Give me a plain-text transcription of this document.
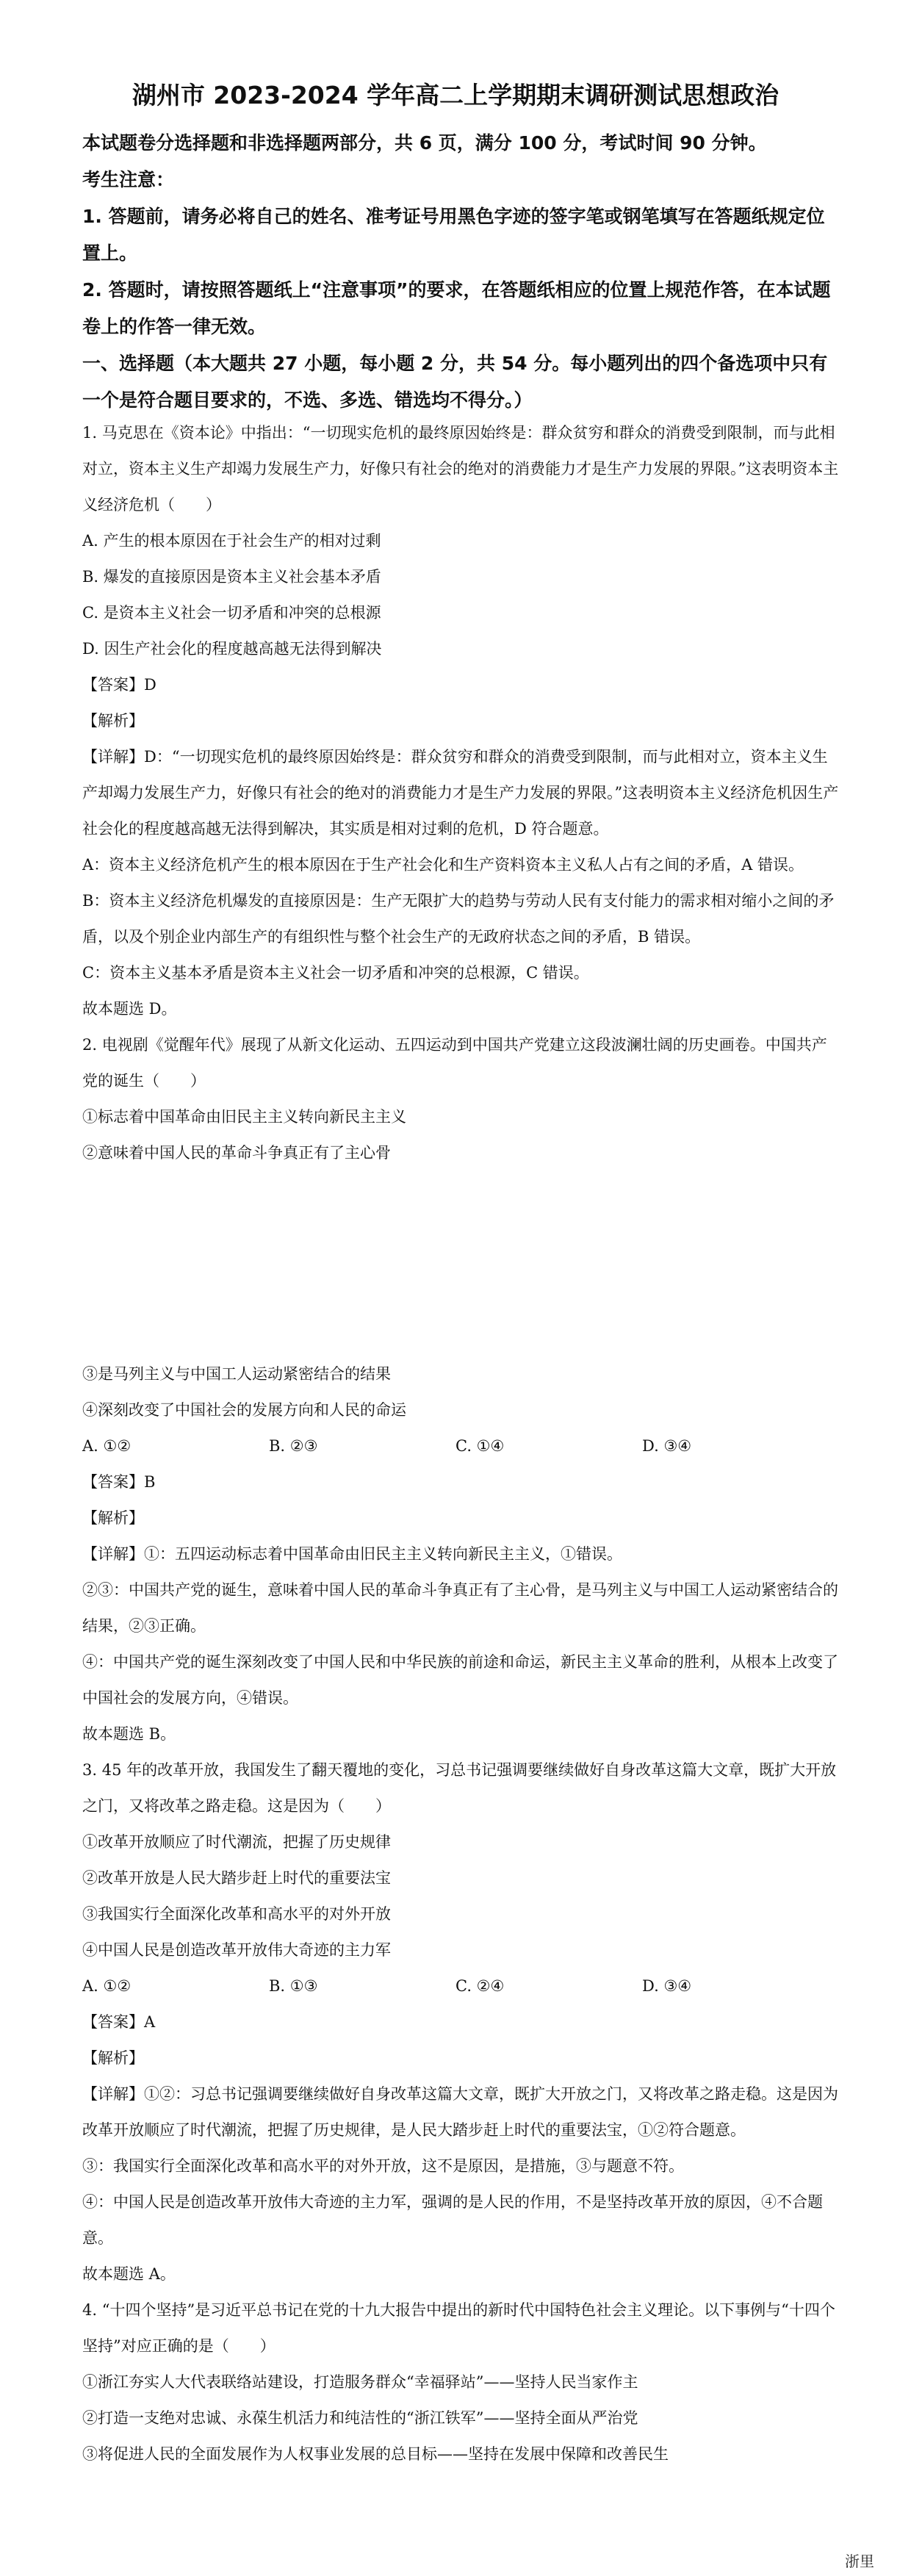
湖州市 2023-2024 学年高二上学期期末调研测试思想政治
本试题卷分选择题和非选择题两部分，共 6 页，满分 100 分，考试时间 90 分钟。
考生注意：
1. 答题前，请务必将自己的姓名、准考证号用黑色字迹的签字笔或钢笔填写在答题纸规定位置上。
2. 答题时，请按照答题纸上“注意事项”的要求，在答题纸相应的位置上规范作答，在本试题卷上的作答一律无效。
一、选择题（本大题共 27 小题，每小题 2 分，共 54 分。每小题列出的四个备选项中只有一个是符合题目要求的，不选、多选、错选均不得分。）
1. 马克思在《资本论》中指出：“一切现实危机的最终原因始终是：群众贫穷和群众的消费受到限制，而与此相对立，资本主义生产却竭力发展生产力，好像只有社会的绝对的消费能力才是生产力发展的界限。”这表明资本主义经济危机（　　）
A. 产生的根本原因在于社会生产的相对过剩
B. 爆发的直接原因是资本主义社会基本矛盾
C. 是资本主义社会一切矛盾和冲突的总根源
D. 因生产社会化的程度越高越无法得到解决
【答案】D
【解析】
【详解】D：“一切现实危机的最终原因始终是：群众贫穷和群众的消费受到限制，而与此相对立，资本主义生产却竭力发展生产力，好像只有社会的绝对的消费能力才是生产力发展的界限。”这表明资本主义经济危机因生产社会化的程度越高越无法得到解决，其实质是相对过剩的危机，D 符合题意。
A：资本主义经济危机产生的根本原因在于生产社会化和生产资料资本主义私人占有之间的矛盾，A 错误。
B：资本主义经济危机爆发的直接原因是：生产无限扩大的趋势与劳动人民有支付能力的需求相对缩小之间的矛盾，以及个别企业内部生产的有组织性与整个社会生产的无政府状态之间的矛盾，B 错误。
C：资本主义基本矛盾是资本主义社会一切矛盾和冲突的总根源，C 错误。
故本题选 D。
2. 电视剧《觉醒年代》展现了从新文化运动、五四运动到中国共产党建立这段波澜壮阔的历史画卷。中国共产党的诞生（　　）
①标志着中国革命由旧民主主义转向新民主主义
②意味着中国人民的革命斗争真正有了主心骨
③是马列主义与中国工人运动紧密结合的结果
④深刻改变了中国社会的发展方向和人民的命运
A. ①②	B. ②③	C. ①④	D. ③④
【答案】B
【解析】
【详解】①：五四运动标志着中国革命由旧民主主义转向新民主主义，①错误。
②③：中国共产党的诞生，意味着中国人民的革命斗争真正有了主心骨，是马列主义与中国工人运动紧密结合的结果，②③正确。
④：中国共产党的诞生深刻改变了中国人民和中华民族的前途和命运，新民主主义革命的胜利，从根本上改变了中国社会的发展方向，④错误。
故本题选 B。
3. 45 年的改革开放，我国发生了翻天覆地的变化，习总书记强调要继续做好自身改革这篇大文章，既扩大开放之门，又将改革之路走稳。这是因为（　　）
①改革开放顺应了时代潮流，把握了历史规律
②改革开放是人民大踏步赶上时代的重要法宝
③我国实行全面深化改革和高水平的对外开放
④中国人民是创造改革开放伟大奇迹的主力军
A. ①②	B. ①③	C. ②④	D. ③④
【答案】A
【解析】
【详解】①②：习总书记强调要继续做好自身改革这篇大文章，既扩大开放之门，又将改革之路走稳。这是因为改革开放顺应了时代潮流，把握了历史规律，是人民大踏步赶上时代的重要法宝，①②符合题意。
③：我国实行全面深化改革和高水平的对外开放，这不是原因，是措施，③与题意不符。
④：中国人民是创造改革开放伟大奇迹的主力军，强调的是人民的作用，不是坚持改革开放的原因，④不合题意。
故本题选 A。
4. “十四个坚持”是习近平总书记在党的十九大报告中提出的新时代中国特色社会主义理论。以下事例与“十四个坚持”对应正确的是（　　）
①浙江夯实人大代表联络站建设，打造服务群众“幸福驿站”——坚持人民当家作主
②打造一支绝对忠诚、永葆生机活力和纯洁性的“浙江铁军”——坚持全面从严治党
③将促进人民的全面发展作为人权事业发展的总目标——坚持在发展中保障和改善民生
浙里
